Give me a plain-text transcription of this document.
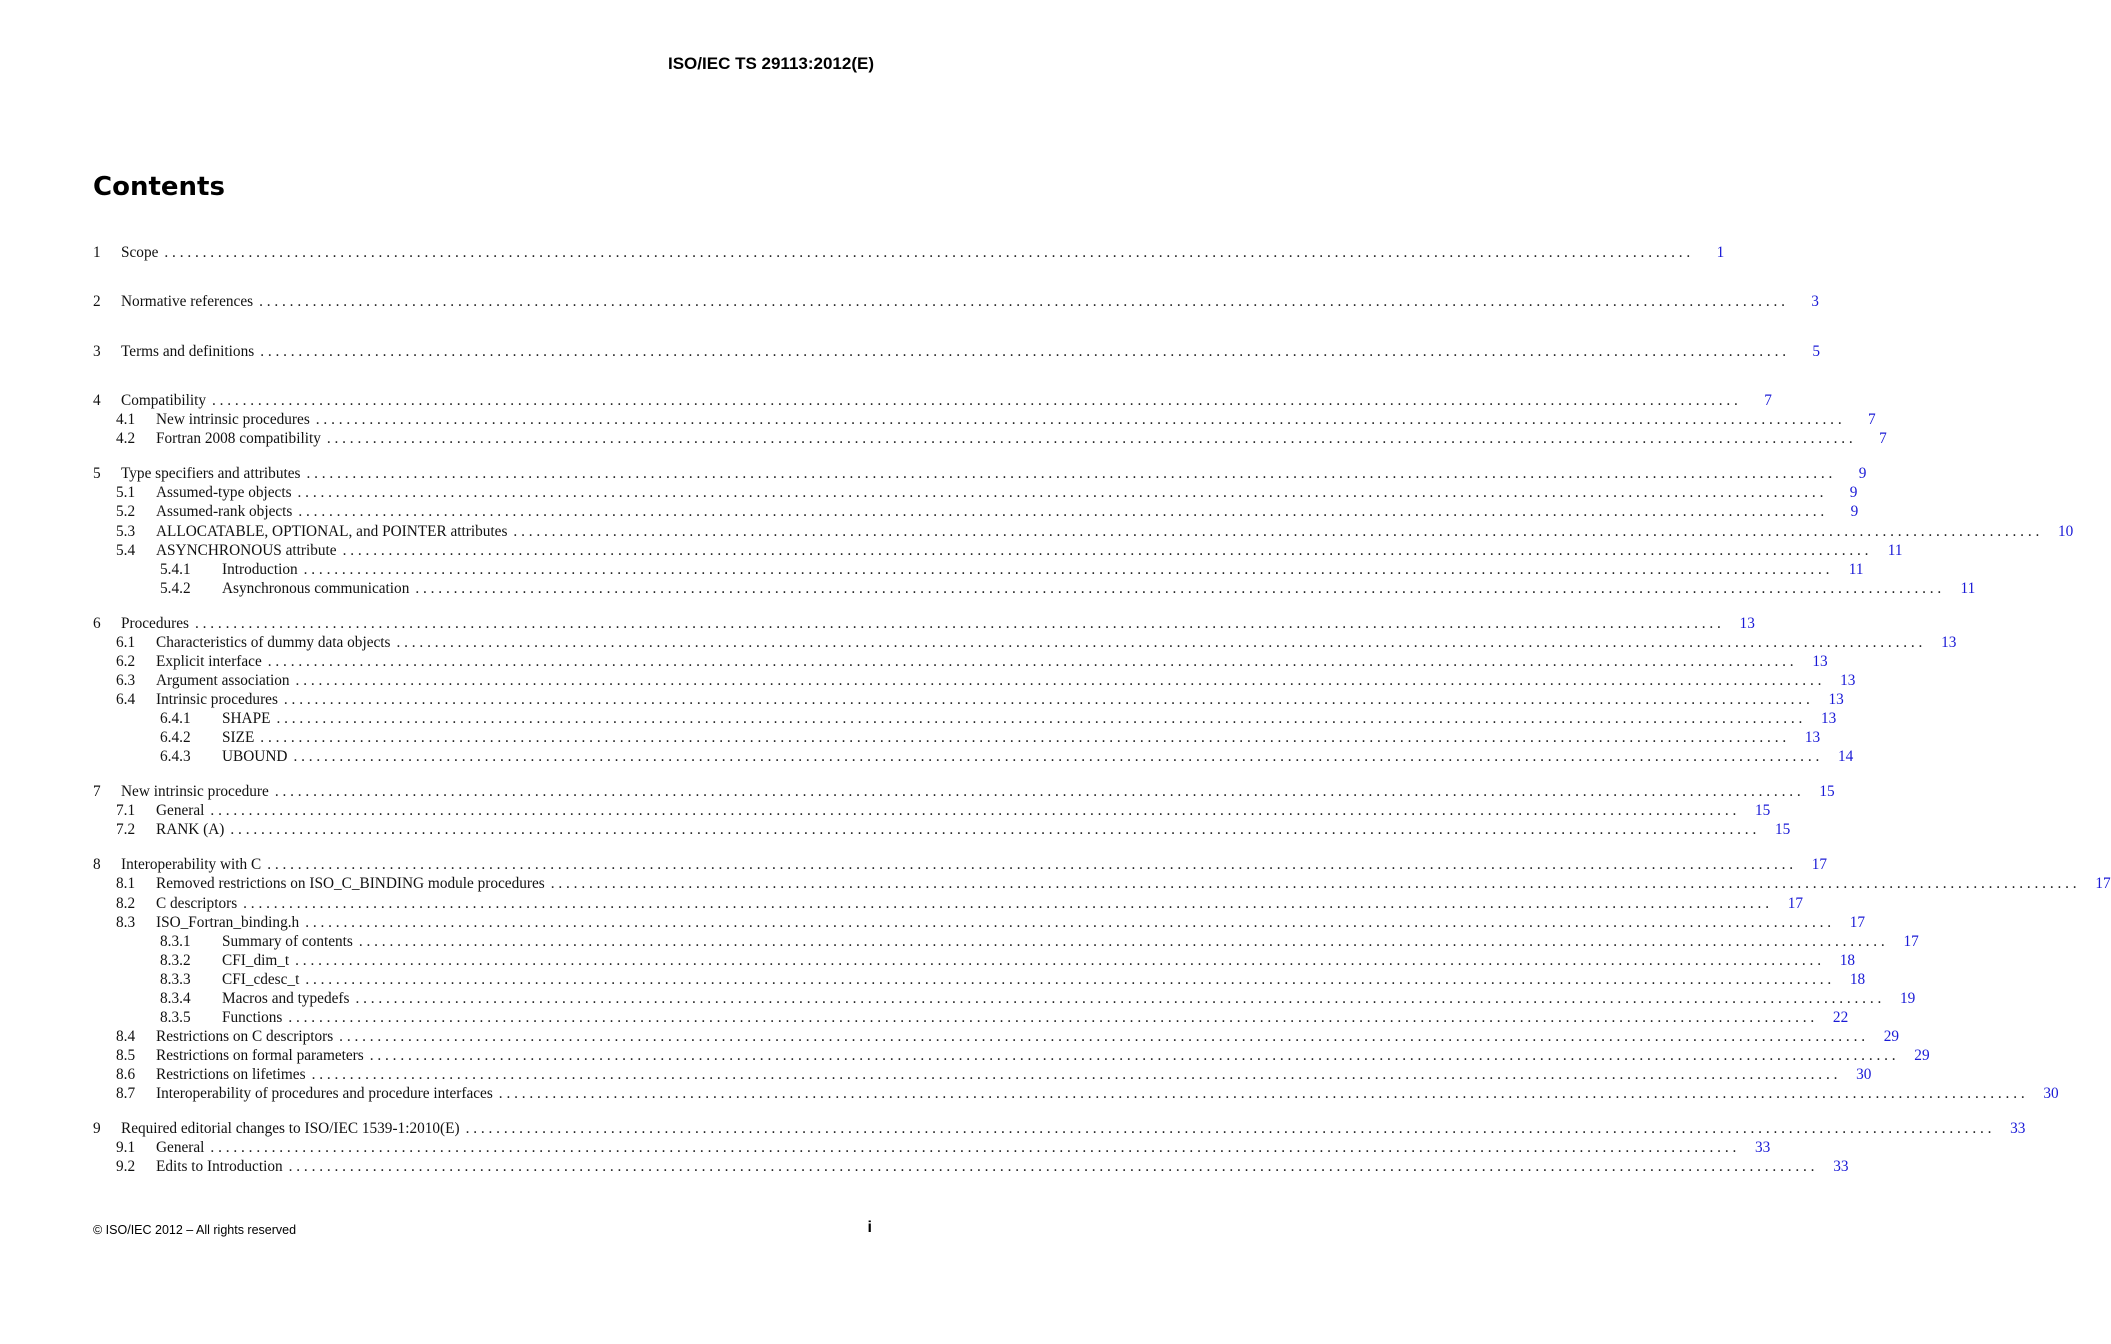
ISO/IEC TS 29113:2012(E)
Contents
1	Scope . . . . . . . . . . . . . . . . . . . . . . . . . . . . . . . . . . . . . . . . . . . . . . . . . . . . . . . . . . . . . . . . . . . . . . . . . . . . . . . . . . . . . . . . . . . . . . . . . . . . . . . . . . . . . . . . . . . . . . . . . . . . . . . . . . . . . . . . . . . . . . . . . . . . . . . . . . . . . . . . . . . . . . . . . . . . . . . . . . . . . . . . . . . . . . . . . . . . . . . .	1
2	Normative references . . . . . . . . . . . . . . . . . . . . . . . . . . . . . . . . . . . . . . . . . . . . . . . . . . . . . . . . . . . . . . . . . . . . . . . . . . . . . . . . . . . . . . . . . . . . . . . . . . . . . . . . . . . . . . . . . . . . . . . . . . . . . . . . . . . . . . . . . . . . . . . . . . . . . . . . . . . . . . . . . . . . . . . . . . . . . . . . . . . . . . . . . . . . . . . . . . . . . . . .	3
3	Terms and definitions . . . . . . . . . . . . . . . . . . . . . . . . . . . . . . . . . . . . . . . . . . . . . . . . . . . . . . . . . . . . . . . . . . . . . . . . . . . . . . . . . . . . . . . . . . . . . . . . . . . . . . . . . . . . . . . . . . . . . . . . . . . . . . . . . . . . . . . . . . . . . . . . . . . . . . . . . . . . . . . . . . . . . . . . . . . . . . . . . . . . . . . . . . . . . . . . . . . . . . . .	5
4	Compatibility . . . . . . . . . . . . . . . . . . . . . . . . . . . . . . . . . . . . . . . . . . . . . . . . . . . . . . . . . . . . . . . . . . . . . . . . . . . . . . . . . . . . . . . . . . . . . . . . . . . . . . . . . . . . . . . . . . . . . . . . . . . . . . . . . . . . . . . . . . . . . . . . . . . . . . . . . . . . . . . . . . . . . . . . . . . . . . . . . . . . . . . . . . . . . . . . . . . . . . . .	7
4.1	New intrinsic procedures . . . . . . . . . . . . . . . . . . . . . . . . . . . . . . . . . . . . . . . . . . . . . . . . . . . . . . . . . . . . . . . . . . . . . . . . . . . . . . . . . . . . . . . . . . . . . . . . . . . . . . . . . . . . . . . . . . . . . . . . . . . . . . . . . . . . . . . . . . . . . . . . . . . . . . . . . . . . . . . . . . . . . . . . . . . . . . . . . . . . . . . . . . . . . . . . . . . . . . . .	7
4.2	Fortran 2008 compatibility . . . . . . . . . . . . . . . . . . . . . . . . . . . . . . . . . . . . . . . . . . . . . . . . . . . . . . . . . . . . . . . . . . . . . . . . . . . . . . . . . . . . . . . . . . . . . . . . . . . . . . . . . . . . . . . . . . . . . . . . . . . . . . . . . . . . . . . . . . . . . . . . . . . . . . . . . . . . . . . . . . . . . . . . . . . . . . . . . . . . . . . . . . . . . . . . . . . . . . . .	7
5	Type specifiers and attributes . . . . . . . . . . . . . . . . . . . . . . . . . . . . . . . . . . . . . . . . . . . . . . . . . . . . . . . . . . . . . . . . . . . . . . . . . . . . . . . . . . . . . . . . . . . . . . . . . . . . . . . . . . . . . . . . . . . . . . . . . . . . . . . . . . . . . . . . . . . . . . . . . . . . . . . . . . . . . . . . . . . . . . . . . . . . . . . . . . . . . . . . . . . . . . . . . . . . . . . .	9
5.1	Assumed-type objects . . . . . . . . . . . . . . . . . . . . . . . . . . . . . . . . . . . . . . . . . . . . . . . . . . . . . . . . . . . . . . . . . . . . . . . . . . . . . . . . . . . . . . . . . . . . . . . . . . . . . . . . . . . . . . . . . . . . . . . . . . . . . . . . . . . . . . . . . . . . . . . . . . . . . . . . . . . . . . . . . . . . . . . . . . . . . . . . . . . . . . . . . . . . . . . . . . . . . . . .	9
5.2	Assumed-rank objects . . . . . . . . . . . . . . . . . . . . . . . . . . . . . . . . . . . . . . . . . . . . . . . . . . . . . . . . . . . . . . . . . . . . . . . . . . . . . . . . . . . . . . . . . . . . . . . . . . . . . . . . . . . . . . . . . . . . . . . . . . . . . . . . . . . . . . . . . . . . . . . . . . . . . . . . . . . . . . . . . . . . . . . . . . . . . . . . . . . . . . . . . . . . . . . . . . . . . . . .	9
5.3	ALLOCATABLE, OPTIONAL, and POINTER attributes . . . . . . . . . . . . . . . . . . . . . . . . . . . . . . . . . . . . . . . . . . . . . . . . . . . . . . . . . . . . . . . . . . . . . . . . . . . . . . . . . . . . . . . . . . . . . . . . . . . . . . . . . . . . . . . . . . . . . . . . . . . . . . . . . . . . . . . . . . . . . . . . . . . . . . . . . . . . . . . . . . . . . . . . . . . . . . . . . . . . . . . . . . . . . . . . . . . . . . . .	10
5.4	ASYNCHRONOUS attribute . . . . . . . . . . . . . . . . . . . . . . . . . . . . . . . . . . . . . . . . . . . . . . . . . . . . . . . . . . . . . . . . . . . . . . . . . . . . . . . . . . . . . . . . . . . . . . . . . . . . . . . . . . . . . . . . . . . . . . . . . . . . . . . . . . . . . . . . . . . . . . . . . . . . . . . . . . . . . . . . . . . . . . . . . . . . . . . . . . . . . . . . . . . . . . . . . . . . . . . .	11
5.4.1	Introduction . . . . . . . . . . . . . . . . . . . . . . . . . . . . . . . . . . . . . . . . . . . . . . . . . . . . . . . . . . . . . . . . . . . . . . . . . . . . . . . . . . . . . . . . . . . . . . . . . . . . . . . . . . . . . . . . . . . . . . . . . . . . . . . . . . . . . . . . . . . . . . . . . . . . . . . . . . . . . . . . . . . . . . . . . . . . . . . . . . . . . . . . . . . . . . . . . . . . . . . .	11
5.4.2	Asynchronous communication . . . . . . . . . . . . . . . . . . . . . . . . . . . . . . . . . . . . . . . . . . . . . . . . . . . . . . . . . . . . . . . . . . . . . . . . . . . . . . . . . . . . . . . . . . . . . . . . . . . . . . . . . . . . . . . . . . . . . . . . . . . . . . . . . . . . . . . . . . . . . . . . . . . . . . . . . . . . . . . . . . . . . . . . . . . . . . . . . . . . . . . . . . . . . . . . . . . . . . . .	11
6	Procedures . . . . . . . . . . . . . . . . . . . . . . . . . . . . . . . . . . . . . . . . . . . . . . . . . . . . . . . . . . . . . . . . . . . . . . . . . . . . . . . . . . . . . . . . . . . . . . . . . . . . . . . . . . . . . . . . . . . . . . . . . . . . . . . . . . . . . . . . . . . . . . . . . . . . . . . . . . . . . . . . . . . . . . . . . . . . . . . . . . . . . . . . . . . . . . . . . . . . . . . .	13
6.1	Characteristics of dummy data objects . . . . . . . . . . . . . . . . . . . . . . . . . . . . . . . . . . . . . . . . . . . . . . . . . . . . . . . . . . . . . . . . . . . . . . . . . . . . . . . . . . . . . . . . . . . . . . . . . . . . . . . . . . . . . . . . . . . . . . . . . . . . . . . . . . . . . . . . . . . . . . . . . . . . . . . . . . . . . . . . . . . . . . . . . . . . . . . . . . . . . . . . . . . . . . . . . . . . . . . .	13
6.2	Explicit interface . . . . . . . . . . . . . . . . . . . . . . . . . . . . . . . . . . . . . . . . . . . . . . . . . . . . . . . . . . . . . . . . . . . . . . . . . . . . . . . . . . . . . . . . . . . . . . . . . . . . . . . . . . . . . . . . . . . . . . . . . . . . . . . . . . . . . . . . . . . . . . . . . . . . . . . . . . . . . . . . . . . . . . . . . . . . . . . . . . . . . . . . . . . . . . . . . . . . . . . .	13
6.3	Argument association . . . . . . . . . . . . . . . . . . . . . . . . . . . . . . . . . . . . . . . . . . . . . . . . . . . . . . . . . . . . . . . . . . . . . . . . . . . . . . . . . . . . . . . . . . . . . . . . . . . . . . . . . . . . . . . . . . . . . . . . . . . . . . . . . . . . . . . . . . . . . . . . . . . . . . . . . . . . . . . . . . . . . . . . . . . . . . . . . . . . . . . . . . . . . . . . . . . . . . . .	13
6.4	Intrinsic procedures . . . . . . . . . . . . . . . . . . . . . . . . . . . . . . . . . . . . . . . . . . . . . . . . . . . . . . . . . . . . . . . . . . . . . . . . . . . . . . . . . . . . . . . . . . . . . . . . . . . . . . . . . . . . . . . . . . . . . . . . . . . . . . . . . . . . . . . . . . . . . . . . . . . . . . . . . . . . . . . . . . . . . . . . . . . . . . . . . . . . . . . . . . . . . . . . . . . . . . . .	13
6.4.1	SHAPE . . . . . . . . . . . . . . . . . . . . . . . . . . . . . . . . . . . . . . . . . . . . . . . . . . . . . . . . . . . . . . . . . . . . . . . . . . . . . . . . . . . . . . . . . . . . . . . . . . . . . . . . . . . . . . . . . . . . . . . . . . . . . . . . . . . . . . . . . . . . . . . . . . . . . . . . . . . . . . . . . . . . . . . . . . . . . . . . . . . . . . . . . . . . . . . . . . . . . . . .	13
6.4.2	SIZE . . . . . . . . . . . . . . . . . . . . . . . . . . . . . . . . . . . . . . . . . . . . . . . . . . . . . . . . . . . . . . . . . . . . . . . . . . . . . . . . . . . . . . . . . . . . . . . . . . . . . . . . . . . . . . . . . . . . . . . . . . . . . . . . . . . . . . . . . . . . . . . . . . . . . . . . . . . . . . . . . . . . . . . . . . . . . . . . . . . . . . . . . . . . . . . . . . . . . . . .	13
6.4.3	UBOUND . . . . . . . . . . . . . . . . . . . . . . . . . . . . . . . . . . . . . . . . . . . . . . . . . . . . . . . . . . . . . . . . . . . . . . . . . . . . . . . . . . . . . . . . . . . . . . . . . . . . . . . . . . . . . . . . . . . . . . . . . . . . . . . . . . . . . . . . . . . . . . . . . . . . . . . . . . . . . . . . . . . . . . . . . . . . . . . . . . . . . . . . . . . . . . . . . . . . . . . .	14
7	New intrinsic procedure . . . . . . . . . . . . . . . . . . . . . . . . . . . . . . . . . . . . . . . . . . . . . . . . . . . . . . . . . . . . . . . . . . . . . . . . . . . . . . . . . . . . . . . . . . . . . . . . . . . . . . . . . . . . . . . . . . . . . . . . . . . . . . . . . . . . . . . . . . . . . . . . . . . . . . . . . . . . . . . . . . . . . . . . . . . . . . . . . . . . . . . . . . . . . . . . . . . . . . . .	15
7.1	General . . . . . . . . . . . . . . . . . . . . . . . . . . . . . . . . . . . . . . . . . . . . . . . . . . . . . . . . . . . . . . . . . . . . . . . . . . . . . . . . . . . . . . . . . . . . . . . . . . . . . . . . . . . . . . . . . . . . . . . . . . . . . . . . . . . . . . . . . . . . . . . . . . . . . . . . . . . . . . . . . . . . . . . . . . . . . . . . . . . . . . . . . . . . . . . . . . . . . . . .	15
7.2	RANK (A) . . . . . . . . . . . . . . . . . . . . . . . . . . . . . . . . . . . . . . . . . . . . . . . . . . . . . . . . . . . . . . . . . . . . . . . . . . . . . . . . . . . . . . . . . . . . . . . . . . . . . . . . . . . . . . . . . . . . . . . . . . . . . . . . . . . . . . . . . . . . . . . . . . . . . . . . . . . . . . . . . . . . . . . . . . . . . . . . . . . . . . . . . . . . . . . . . . . . . . . .	15
8	Interoperability with C . . . . . . . . . . . . . . . . . . . . . . . . . . . . . . . . . . . . . . . . . . . . . . . . . . . . . . . . . . . . . . . . . . . . . . . . . . . . . . . . . . . . . . . . . . . . . . . . . . . . . . . . . . . . . . . . . . . . . . . . . . . . . . . . . . . . . . . . . . . . . . . . . . . . . . . . . . . . . . . . . . . . . . . . . . . . . . . . . . . . . . . . . . . . . . . . . . . . . . . .	17
8.1	Removed restrictions on ISO_C_BINDING module procedures . . . . . . . . . . . . . . . . . . . . . . . . . . . . . . . . . . . . . . . . . . . . . . . . . . . . . . . . . . . . . . . . . . . . . . . . . . . . . . . . . . . . . . . . . . . . . . . . . . . . . . . . . . . . . . . . . . . . . . . . . . . . . . . . . . . . . . . . . . . . . . . . . . . . . . . . . . . . . . . . . . . . . . . . . . . . . . . . . . . . . . . . . . . . . . . . . . . . . . . .	17
8.2	C descriptors . . . . . . . . . . . . . . . . . . . . . . . . . . . . . . . . . . . . . . . . . . . . . . . . . . . . . . . . . . . . . . . . . . . . . . . . . . . . . . . . . . . . . . . . . . . . . . . . . . . . . . . . . . . . . . . . . . . . . . . . . . . . . . . . . . . . . . . . . . . . . . . . . . . . . . . . . . . . . . . . . . . . . . . . . . . . . . . . . . . . . . . . . . . . . . . . . . . . . . . .	17
8.3	ISO_Fortran_binding.h . . . . . . . . . . . . . . . . . . . . . . . . . . . . . . . . . . . . . . . . . . . . . . . . . . . . . . . . . . . . . . . . . . . . . . . . . . . . . . . . . . . . . . . . . . . . . . . . . . . . . . . . . . . . . . . . . . . . . . . . . . . . . . . . . . . . . . . . . . . . . . . . . . . . . . . . . . . . . . . . . . . . . . . . . . . . . . . . . . . . . . . . . . . . . . . . . . . . . . . .	17
8.3.1	Summary of contents . . . . . . . . . . . . . . . . . . . . . . . . . . . . . . . . . . . . . . . . . . . . . . . . . . . . . . . . . . . . . . . . . . . . . . . . . . . . . . . . . . . . . . . . . . . . . . . . . . . . . . . . . . . . . . . . . . . . . . . . . . . . . . . . . . . . . . . . . . . . . . . . . . . . . . . . . . . . . . . . . . . . . . . . . . . . . . . . . . . . . . . . . . . . . . . . . . . . . . . .	17
8.3.2	CFI_dim_t . . . . . . . . . . . . . . . . . . . . . . . . . . . . . . . . . . . . . . . . . . . . . . . . . . . . . . . . . . . . . . . . . . . . . . . . . . . . . . . . . . . . . . . . . . . . . . . . . . . . . . . . . . . . . . . . . . . . . . . . . . . . . . . . . . . . . . . . . . . . . . . . . . . . . . . . . . . . . . . . . . . . . . . . . . . . . . . . . . . . . . . . . . . . . . . . . . . . . . . .	18
8.3.3	CFI_cdesc_t . . . . . . . . . . . . . . . . . . . . . . . . . . . . . . . . . . . . . . . . . . . . . . . . . . . . . . . . . . . . . . . . . . . . . . . . . . . . . . . . . . . . . . . . . . . . . . . . . . . . . . . . . . . . . . . . . . . . . . . . . . . . . . . . . . . . . . . . . . . . . . . . . . . . . . . . . . . . . . . . . . . . . . . . . . . . . . . . . . . . . . . . . . . . . . . . . . . . . . . .	18
8.3.4	Macros and typedefs . . . . . . . . . . . . . . . . . . . . . . . . . . . . . . . . . . . . . . . . . . . . . . . . . . . . . . . . . . . . . . . . . . . . . . . . . . . . . . . . . . . . . . . . . . . . . . . . . . . . . . . . . . . . . . . . . . . . . . . . . . . . . . . . . . . . . . . . . . . . . . . . . . . . . . . . . . . . . . . . . . . . . . . . . . . . . . . . . . . . . . . . . . . . . . . . . . . . . . . .	19
8.3.5	Functions . . . . . . . . . . . . . . . . . . . . . . . . . . . . . . . . . . . . . . . . . . . . . . . . . . . . . . . . . . . . . . . . . . . . . . . . . . . . . . . . . . . . . . . . . . . . . . . . . . . . . . . . . . . . . . . . . . . . . . . . . . . . . . . . . . . . . . . . . . . . . . . . . . . . . . . . . . . . . . . . . . . . . . . . . . . . . . . . . . . . . . . . . . . . . . . . . . . . . . . .	22
8.4	Restrictions on C descriptors . . . . . . . . . . . . . . . . . . . . . . . . . . . . . . . . . . . . . . . . . . . . . . . . . . . . . . . . . . . . . . . . . . . . . . . . . . . . . . . . . . . . . . . . . . . . . . . . . . . . . . . . . . . . . . . . . . . . . . . . . . . . . . . . . . . . . . . . . . . . . . . . . . . . . . . . . . . . . . . . . . . . . . . . . . . . . . . . . . . . . . . . . . . . . . . . . . . . . . . .	29
8.5	Restrictions on formal parameters . . . . . . . . . . . . . . . . . . . . . . . . . . . . . . . . . . . . . . . . . . . . . . . . . . . . . . . . . . . . . . . . . . . . . . . . . . . . . . . . . . . . . . . . . . . . . . . . . . . . . . . . . . . . . . . . . . . . . . . . . . . . . . . . . . . . . . . . . . . . . . . . . . . . . . . . . . . . . . . . . . . . . . . . . . . . . . . . . . . . . . . . . . . . . . . . . . . . . . . .	29
8.6	Restrictions on lifetimes . . . . . . . . . . . . . . . . . . . . . . . . . . . . . . . . . . . . . . . . . . . . . . . . . . . . . . . . . . . . . . . . . . . . . . . . . . . . . . . . . . . . . . . . . . . . . . . . . . . . . . . . . . . . . . . . . . . . . . . . . . . . . . . . . . . . . . . . . . . . . . . . . . . . . . . . . . . . . . . . . . . . . . . . . . . . . . . . . . . . . . . . . . . . . . . . . . . . . . . .	30
8.7	Interoperability of procedures and procedure interfaces . . . . . . . . . . . . . . . . . . . . . . . . . . . . . . . . . . . . . . . . . . . . . . . . . . . . . . . . . . . . . . . . . . . . . . . . . . . . . . . . . . . . . . . . . . . . . . . . . . . . . . . . . . . . . . . . . . . . . . . . . . . . . . . . . . . . . . . . . . . . . . . . . . . . . . . . . . . . . . . . . . . . . . . . . . . . . . . . . . . . . . . . . . . . . . . . . . . . . . . .	30
9	Required editorial changes to ISO/IEC 1539-1:2010(E) . . . . . . . . . . . . . . . . . . . . . . . . . . . . . . . . . . . . . . . . . . . . . . . . . . . . . . . . . . . . . . . . . . . . . . . . . . . . . . . . . . . . . . . . . . . . . . . . . . . . . . . . . . . . . . . . . . . . . . . . . . . . . . . . . . . . . . . . . . . . . . . . . . . . . . . . . . . . . . . . . . . . . . . . . . . . . . . . . . . . . . . . . . . . . . . . . . . . . . . .	33
9.1	General . . . . . . . . . . . . . . . . . . . . . . . . . . . . . . . . . . . . . . . . . . . . . . . . . . . . . . . . . . . . . . . . . . . . . . . . . . . . . . . . . . . . . . . . . . . . . . . . . . . . . . . . . . . . . . . . . . . . . . . . . . . . . . . . . . . . . . . . . . . . . . . . . . . . . . . . . . . . . . . . . . . . . . . . . . . . . . . . . . . . . . . . . . . . . . . . . . . . . . . .	33
9.2	Edits to Introduction . . . . . . . . . . . . . . . . . . . . . . . . . . . . . . . . . . . . . . . . . . . . . . . . . . . . . . . . . . . . . . . . . . . . . . . . . . . . . . . . . . . . . . . . . . . . . . . . . . . . . . . . . . . . . . . . . . . . . . . . . . . . . . . . . . . . . . . . . . . . . . . . . . . . . . . . . . . . . . . . . . . . . . . . . . . . . . . . . . . . . . . . . . . . . . . . . . . . . . . .	33
© ISO/IEC 2012 – All rights reserved	i
